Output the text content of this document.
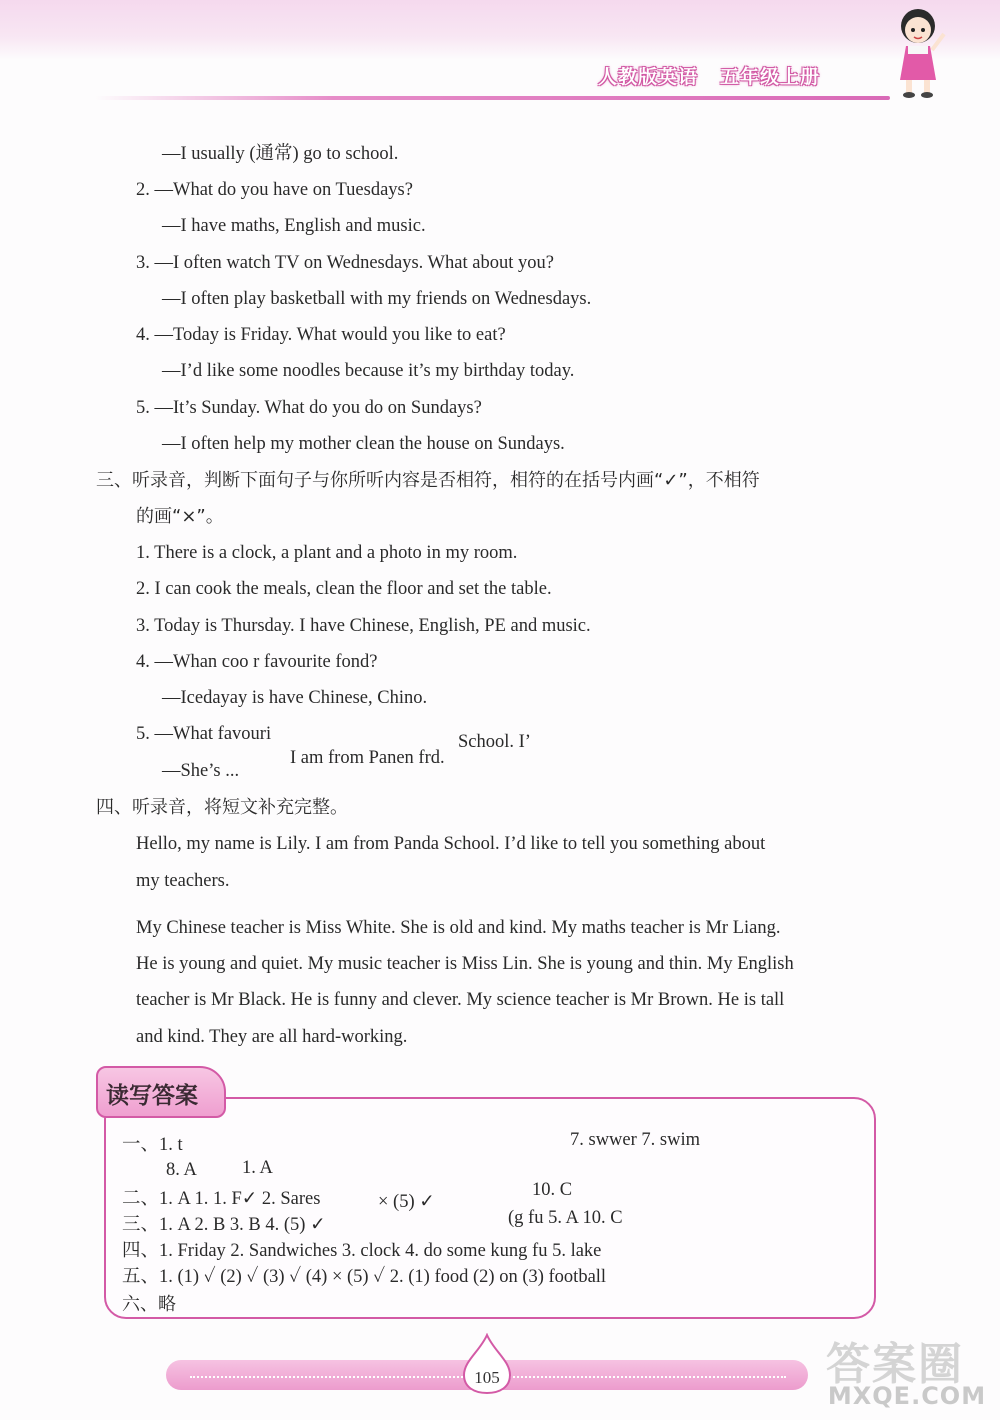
人教版英语 五年级上册
—I usually (通常) go to school.
2. —What do you have on Tuesdays?
—I have maths, English and music.
3. —I often watch TV on Wednesdays. What about you?
—I often play basketball with my friends on Wednesdays.
4. —Today is Friday. What would you like to eat?
—I’d like some noodles because it’s my birthday today.
5. —It’s Sunday. What do you do on Sundays?
—I often help my mother clean the house on Sundays.
三、听录音，判断下面句子与你所听内容是否相符，相符的在括号内画“✓”，不相符
的画“×”。
1. There is a clock, a plant and a photo in my room.
2. I can cook the meals, clean the floor and set the table.
3. Today is Thursday. I have Chinese, English, PE and music.
4. —Whan coo r favourite fond?
—Icedayay is have Chinese, Chino.
5. —What favouri
—She’s ...
I am from Panen frd.
School. I’
四、听录音，将短文补充完整。
Hello, my name is Lily. I am from Panda School. I’d like to tell you something about
my teachers.
My Chinese teacher is Miss White. She is old and kind. My maths teacher is Mr Liang.
He is young and quiet. My music teacher is Miss Lin. She is young and thin. My English
teacher is Mr Black. He is funny and clever. My science teacher is Mr Brown. He is tall
and kind. They are all hard-working.
读写答案
一、1. t	7. swwer 7. swim
8. A 1. A
二、1. A 1. 1. F✓ 2. Sares	× (5) ✓
10. C
三、1. A 2. B 3. B 4. (5) ✓	(g fu 5. A 10. C
四、1. Friday 2. Sandwiches 3. clock 4. do some kung fu 5. lake
五、1. (1) ✓ (2) ✓ (3) ✓ (4) × (5) ✓ 2. (1) food (2) on (3) football
六、略
105	答案圈
MXQE.COM
